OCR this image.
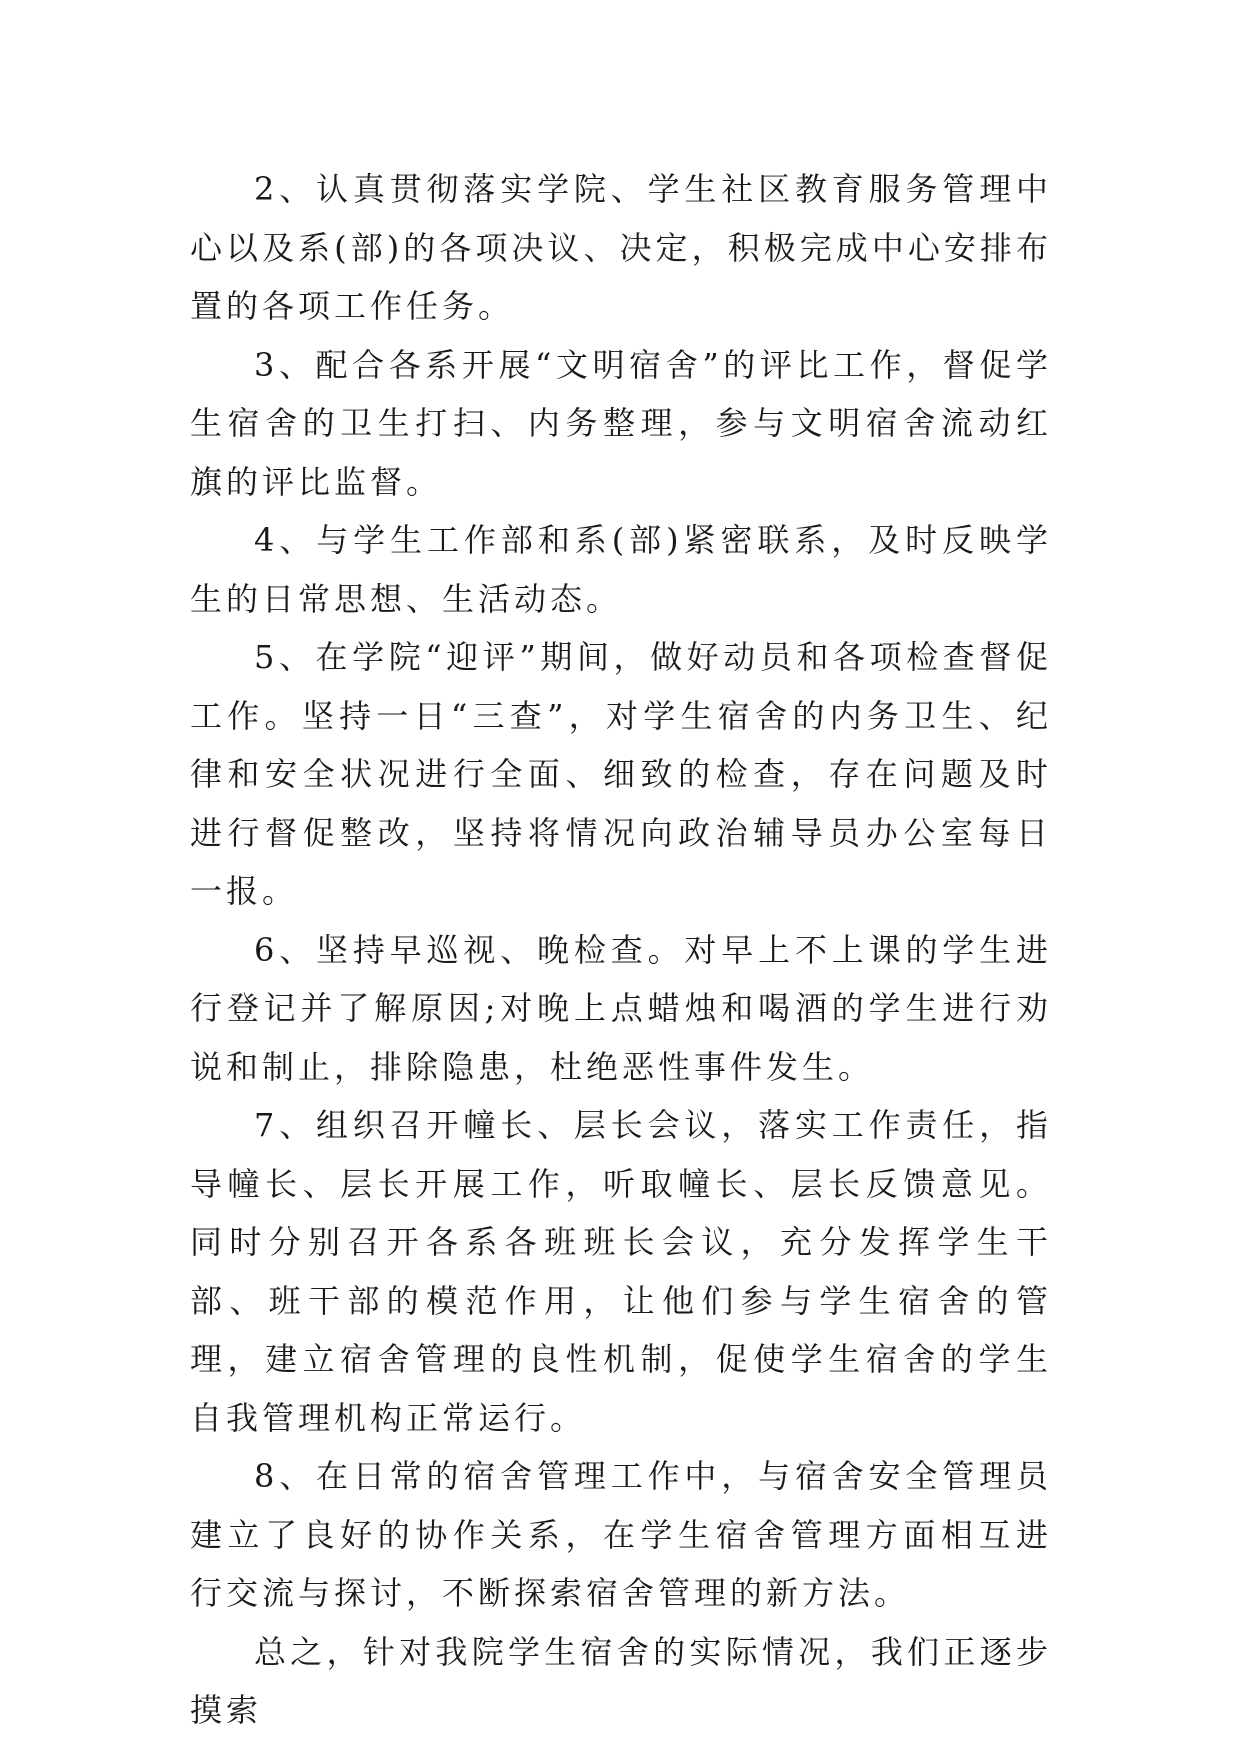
2、认真贯彻落实学院、学生社区教育服务管理中心以及系(部)的各项决议、决定，积极完成中心安排布置的各项工作任务。

3、配合各系开展“文明宿舍”的评比工作，督促学生宿舍的卫生打扫、内务整理，参与文明宿舍流动红旗的评比监督。

4、与学生工作部和系(部)紧密联系，及时反映学生的日常思想、生活动态。

5、在学院“迎评”期间，做好动员和各项检查督促工作。坚持一日“三查”，对学生宿舍的内务卫生、纪律和安全状况进行全面、细致的检查，存在问题及时进行督促整改，坚持将情况向政治辅导员办公室每日一报。

6、坚持早巡视、晚检查。对早上不上课的学生进行登记并了解原因;对晚上点蜡烛和喝酒的学生进行劝说和制止，排除隐患，杜绝恶性事件发生。

7、组织召开幢长、层长会议，落实工作责任，指导幢长、层长开展工作，听取幢长、层长反馈意见。同时分别召开各系各班班长会议，充分发挥学生干部、班干部的模范作用，让他们参与学生宿舍的管理，建立宿舍管理的良性机制，促使学生宿舍的学生自我管理机构正常运行。

8、在日常的宿舍管理工作中，与宿舍安全管理员建立了良好的协作关系，在学生宿舍管理方面相互进行交流与探讨，不断探索宿舍管理的新方法。

总之，针对我院学生宿舍的实际情况，我们正逐步摸索
